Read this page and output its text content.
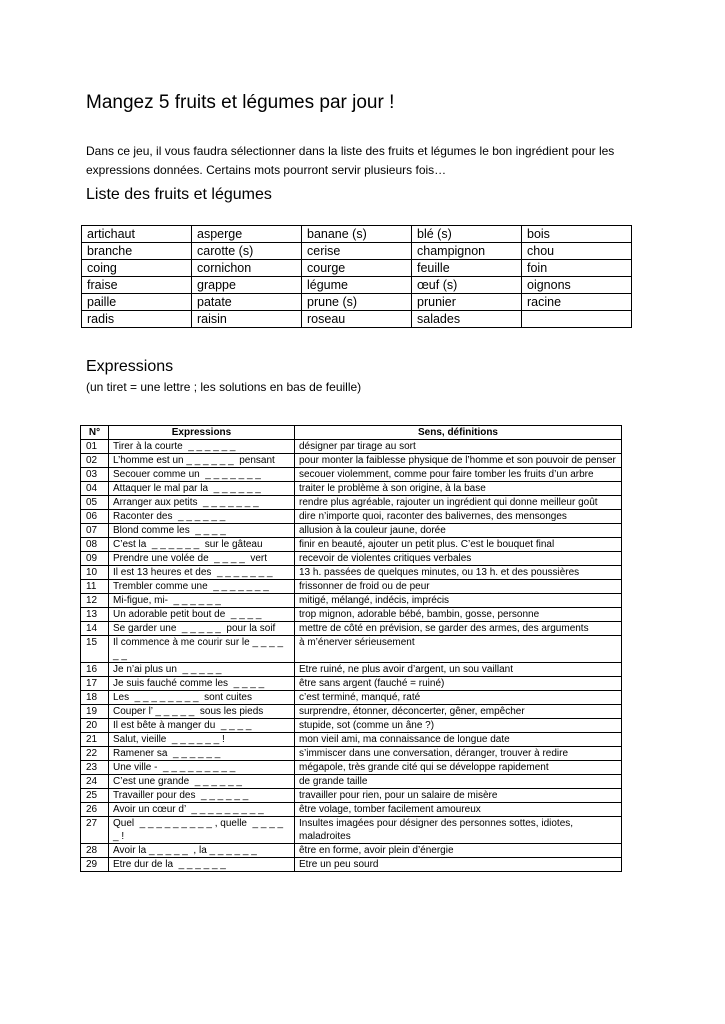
Mangez 5 fruits et légumes par jour !

Dans ce jeu, il vous faudra sélectionner dans la liste des fruits et légumes le bon ingrédient pour les expressions données. Certains mots pourront servir plusieurs fois…

Liste des fruits et légumes
artichaut	asperge	banane (s)	blé (s)	bois
branche	carotte (s)	cerise	champignon	chou
coing	cornichon	courge	feuille	foin
fraise	grappe	légume	œuf (s)	oignons
paille	patate	prune (s)	prunier	racine
radis	raisin	roseau	salades	
Expressions

(un tiret = une lettre ; les solutions en bas de feuille)

N°	Expressions	Sens, définitions
01	Tirer à la courte  _ _ _ _ _ _	désigner par tirage au sort
02	L’homme est un _ _ _ _ _ _  pensant	pour monter la faiblesse physique de l’homme et son pouvoir de penser
03	Secouer comme un  _ _ _ _ _ _ _	secouer violemment, comme pour faire tomber les fruits d’un arbre
04	Attaquer le mal par la  _ _ _ _ _ _	traiter le problème à son origine, à la base
05	Arranger aux petits  _ _ _ _ _ _ _	rendre plus agréable, rajouter un ingrédient qui donne meilleur goût
06	Raconter des  _ _ _ _ _ _	dire n’importe quoi, raconter des balivernes, des mensonges
07	Blond comme les  _ _ _ _	allusion à la couleur jaune, dorée
08	C’est la  _ _ _ _ _ _  sur le gâteau	finir en beauté, ajouter un petit plus. C’est le bouquet final
09	Prendre une volée de  _ _ _ _  vert	recevoir de violentes critiques verbales
10	Il est 13 heures et des  _ _ _ _ _ _ _	13 h. passées de quelques minutes, ou 13 h. et des poussières
11	Trembler comme une  _ _ _ _ _ _ _	frissonner de froid ou de peur
12	Mi-figue, mi-  _ _ _ _ _ _	mitigé, mélangé, indécis, imprécis
13	Un adorable petit bout de  _ _ _ _	trop mignon, adorable bébé, bambin, gosse, personne
14	Se garder une  _ _ _ _ _  pour la soif	mettre de côté en prévision, se garder des armes, des arguments
15	Il commence à me courir sur le _ _ _ _ _ _	à m’énerver sérieusement
16	Je n’ai plus un  _ _ _ _ _	Etre ruiné, ne plus avoir d’argent, un sou vaillant
17	Je suis fauché comme les  _ _ _ _	être sans argent (fauché = ruiné)
18	Les  _ _ _ _ _ _ _ _  sont cuites	c’est terminé, manqué, raté
19	Couper l’ _ _ _ _ _  sous les pieds	surprendre, étonner, déconcerter, gêner, empêcher
20	Il est bête à manger du  _ _ _ _	stupide, sot (comme un âne ?)
21	Salut, vieille  _ _ _ _ _ _ !	mon vieil ami, ma connaissance de longue date
22	Ramener sa  _ _ _ _ _ _	s’immiscer dans une conversation, déranger, trouver à redire
23	Une ville -  _ _ _ _ _ _ _ _ _	mégapole, très grande cité qui se développe rapidement
24	C’est une grande  _ _ _ _ _ _	de grande taille
25	Travailler pour des  _ _ _ _ _ _	travailler pour rien, pour un salaire de misère
26	Avoir un cœur d’  _ _ _ _ _ _ _ _ _	être volage, tomber facilement amoureux
27	Quel  _ _ _ _ _ _ _ _ _ , quelle  _ _ _ _ _ !	Insultes imagées pour désigner des personnes sottes, idiotes, maladroites
28	Avoir la _ _ _ _ _  , la _ _ _ _ _ _	être en forme, avoir plein d’énergie
29	Etre dur de la  _ _ _ _ _ _	Etre un peu sourd
